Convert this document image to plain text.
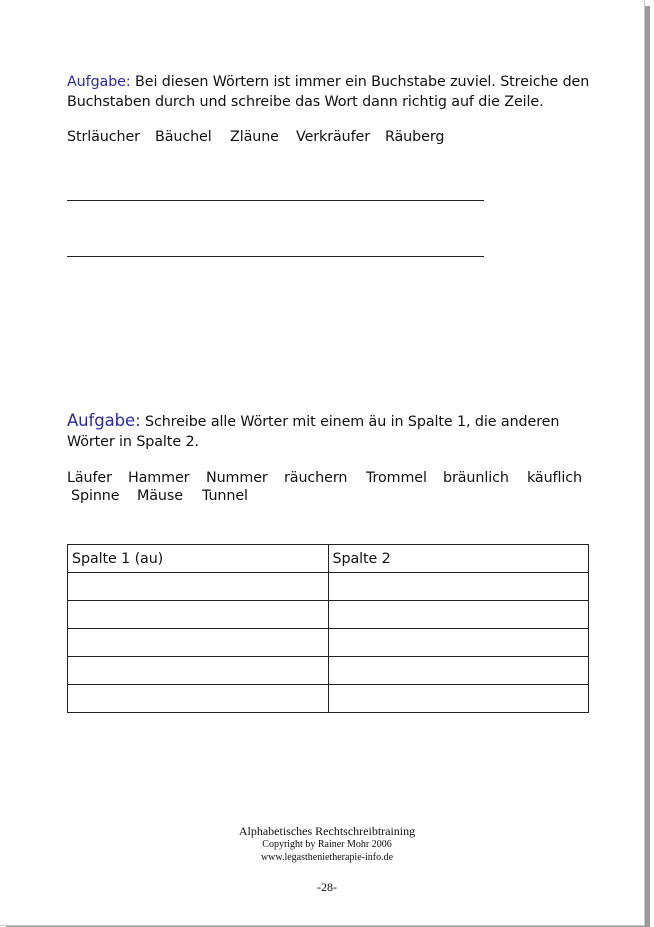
Aufgabe: Bei diesen Wörtern ist immer ein Buchstabe zuviel. Streiche den Buchstaben durch und schreibe das Wort dann richtig auf die Zeile.
Strläucher Bäuchel Zläune Verkräufer Räuberg
Aufgabe: Schreibe alle Wörter mit einem äu in Spalte 1, die anderen Wörter in Spalte 2.
Läufer Hammer Nummer räuchern Trommel bräunlich käuflich
Spinne Mäuse Tunnel
Spalte 1 (au)	Spalte 2

Alphabetisches Rechtschreibtraining
Copyright by Rainer Mohr 2006
www.legasthenietherapie-info.de
-28-
